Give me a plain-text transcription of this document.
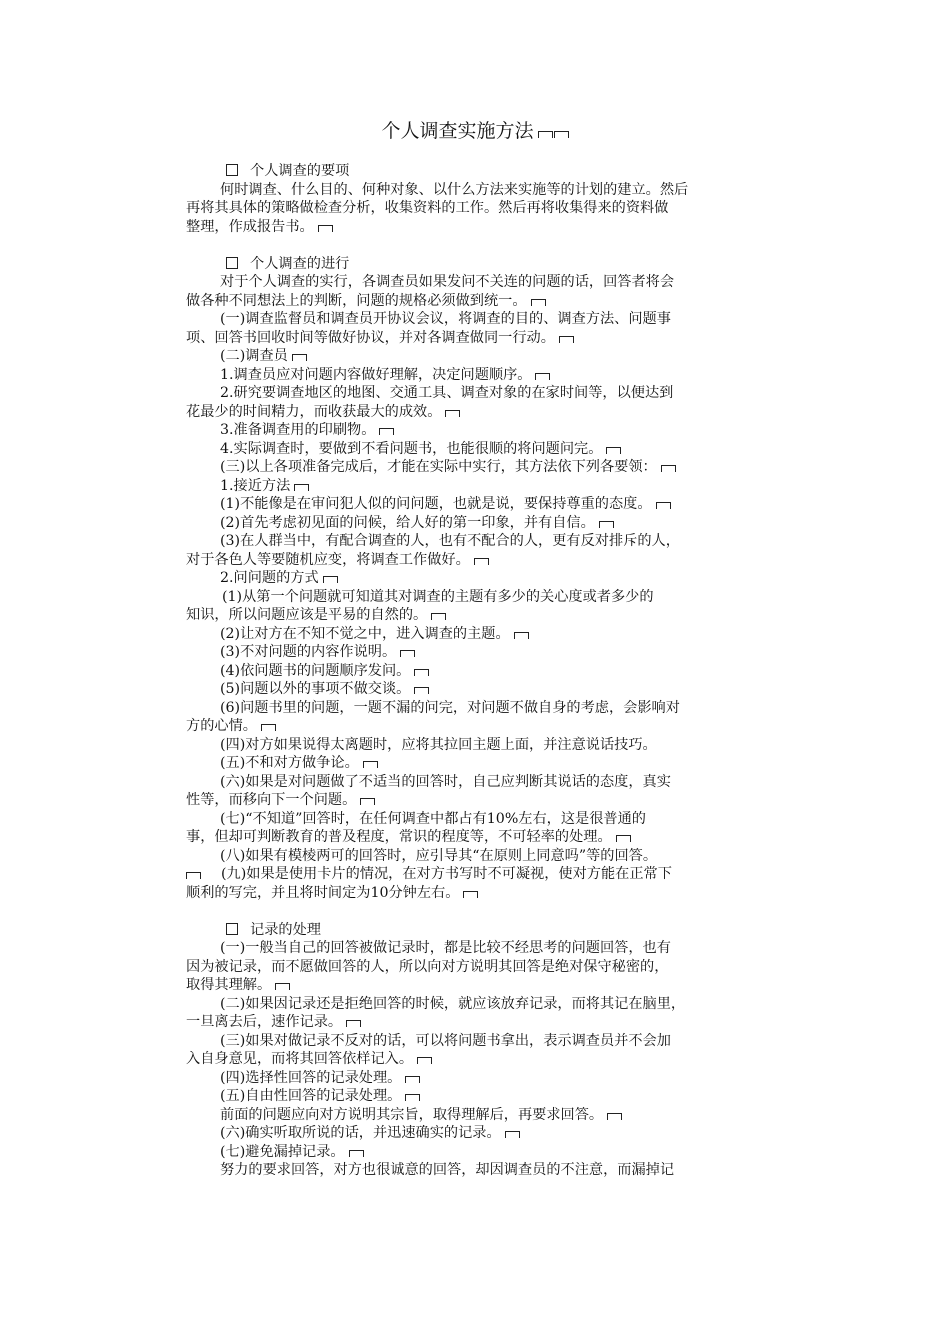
个人调查实施方法
个人调查的要项
何时调查、什么目的、何种对象、以什么方法来实施等的计划的建立。然后
再将其具体的策略做检查分析，收集资料的工作。然后再将收集得来的资料做
整理，作成报告书。
个人调查的进行
对于个人调查的实行，各调查员如果发问不关连的问题的话，回答者将会
做各种不同想法上的判断，问题的规格必须做到统一。
(一)调查监督员和调查员开协议会议，将调查的目的、调查方法、问题事
项、回答书回收时间等做好协议，并对各调查做同一行动。
(二)调查员
1.调查员应对问题内容做好理解，决定问题顺序。
2.研究要调查地区的地图、交通工具、调查对象的在家时间等，以便达到
花最少的时间精力，而收获最大的成效。
3.准备调查用的印刷物。
4.实际调查时，要做到不看问题书，也能很顺的将问题问完。
(三)以上各项准备完成后，才能在实际中实行，其方法依下列各要领：
1.接近方法
(1)不能像是在审问犯人似的问问题，也就是说，要保持尊重的态度。
(2)首先考虑初见面的问候，给人好的第一印象，并有自信。
(3)在人群当中，有配合调查的人，也有不配合的人，更有反对排斥的人，
对于各色人等要随机应变，将调查工作做好。
2.问问题的方式
(1)从第一个问题就可知道其对调查的主题有多少的关心度或者多少的
知识，所以问题应该是平易的自然的。
(2)让对方在不知不觉之中，进入调查的主题。
(3)不对问题的内容作说明。
(4)依问题书的问题顺序发问。
(5)问题以外的事项不做交谈。
(6)问题书里的问题，一题不漏的问完，对问题不做自身的考虑，会影响对
方的心情。
(四)对方如果说得太离题时，应将其拉回主题上面，并注意说话技巧。
(五)不和对方做争论。
(六)如果是对问题做了不适当的回答时，自己应判断其说话的态度，真实
性等，而移向下一个问题。
(七)“不知道”回答时，在任何调查中都占有10%左右，这是很普通的
事，但却可判断教育的普及程度，常识的程度等，不可轻率的处理。
(八)如果有模棱两可的回答时，应引导其“在原则上同意吗”等的回答。
(九)如果是使用卡片的情况，在对方书写时不可凝视，使对方能在正常下
顺利的写完，并且将时间定为10分钟左右。
记录的处理
(一)一般当自己的回答被做记录时，都是比较不经思考的问题回答，也有
因为被记录，而不愿做回答的人，所以向对方说明其回答是绝对保守秘密的，
取得其理解。
(二)如果因记录还是拒绝回答的时候，就应该放弃记录，而将其记在脑里，
一旦离去后，速作记录。
(三)如果对做记录不反对的话，可以将问题书拿出，表示调查员并不会加
入自身意见，而将其回答依样记入。
(四)选择性回答的记录处理。
(五)自由性回答的记录处理。
前面的问题应向对方说明其宗旨，取得理解后，再要求回答。
(六)确实听取所说的话，并迅速确实的记录。
(七)避免漏掉记录。
努力的要求回答，对方也很诚意的回答，却因调查员的不注意，而漏掉记
